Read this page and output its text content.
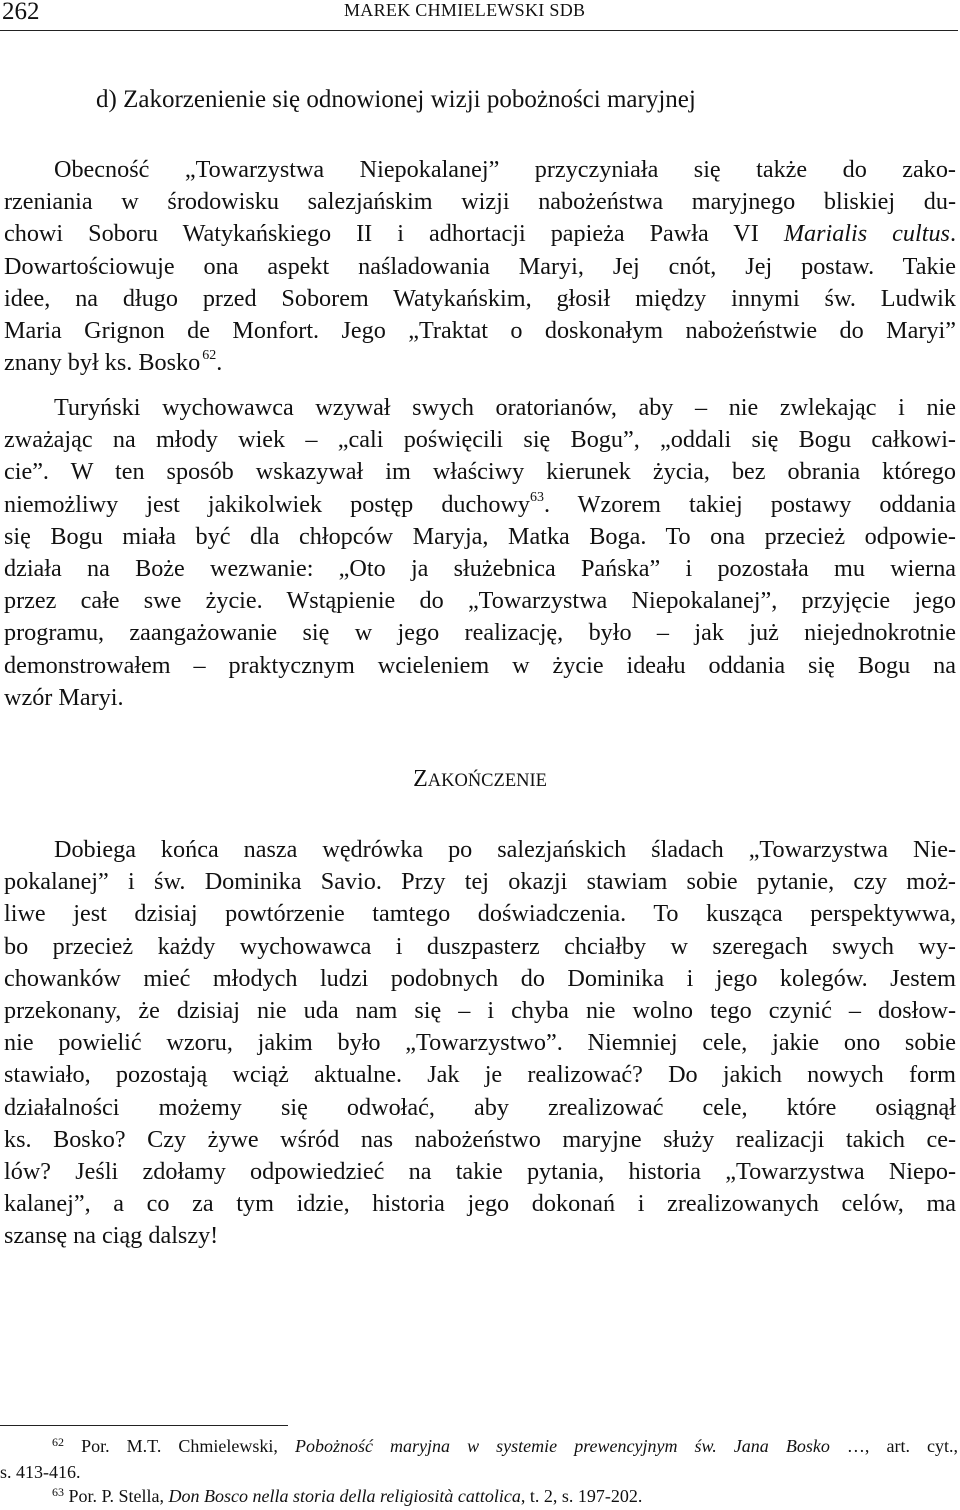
262	MAREK CHMIELEWSKI SDB
d) Zakorzenienie się odnowionej wizji pobożności maryjnej
Obecność „Towarzystwa Niepokalanej” przyczyniała się także do zako-
rzeniania w środowisku salezjańskim wizji nabożeństwa maryjnego bliskiej du-
chowi Soboru Watykańskiego II i adhortacji papieża Pawła VI Marialis cultus.
Dowartościowuje ona aspekt naśladowania Maryi, Jej cnót, Jej postaw. Takie
idee, na długo przed Soborem Watykańskim, głosił między innymi św. Ludwik
Maria Grignon de Monfort. Jego „Traktat o doskonałym nabożeństwie do Maryi”
znany był ks. Bosko  $^{62}$.
Turyński wychowawca wzywał swych oratorianów, aby – nie zwlekając i nie
zważając na młody wiek – „cali poświęcili się Bogu”, „oddali się Bogu całkowi-
cie”. W ten sposób wskazywał im właściwy kierunek życia, bez obrania którego
niemożliwy jest jakikolwiek postęp duchowy$^{63}$. Wzorem takiej postawy oddania
się Bogu miała być dla chłopców Maryja, Matka Boga. To ona przecież odpowie-
działa na Boże wezwanie: „Oto ja służebnica Pańska” i pozostała mu wierna
przez całe swe życie. Wstąpienie do „Towarzystwa Niepokalanej”, przyjęcie jego
programu, zaangażowanie się w jego realizację, było – jak już niejednokrotnie
demonstrowałem – praktycznym wcieleniem w życie ideału oddania się Bogu na
wzór Maryi.
ZAKOŃCZENIE
Dobiega końca nasza wędrówka po salezjańskich śladach „Towarzystwa Nie-
pokalanej” i św. Dominika Savio. Przy tej okazji stawiam sobie pytanie, czy moż-
liwe jest dzisiaj powtórzenie tamtego doświadczenia. To kusząca perspektywwa,
bo przecież każdy wychowawca i duszpasterz chciałby w szeregach swych wy-
chowanków mieć młodych ludzi podobnych do Dominika i jego kolegów. Jestem
przekonany, że dzisiaj nie uda nam się – i chyba nie wolno tego czynić – dosłow-
nie powielić wzoru, jakim było „Towarzystwo”. Niemniej cele, jakie ono sobie
stawiało, pozostają wciąż aktualne. Jak je realizować? Do jakich nowych form
działalności możemy się odwołać, aby zrealizować cele, które osiągnął
ks. Bosko? Czy żywe wśród nas nabożeństwo maryjne służy realizacji takich ce-
lów? Jeśli zdołamy odpowiedzieć na takie pytania, historia „Towarzystwa Niepo-
kalanej”, a co za tym idzie, historia jego dokonań i zrealizowanych celów, ma
szansę na ciąg dalszy!
$^{62}$ Por. M.T. Chmielewski, Pobożność maryjna w systemie prewencyjnym św. Jana Bosko …, art. cyt.,
s. 413-416.
$^{63}$ Por. P. Stella, Don Bosco nella storia della religiosità cattolica, t. 2, s. 197-202.
